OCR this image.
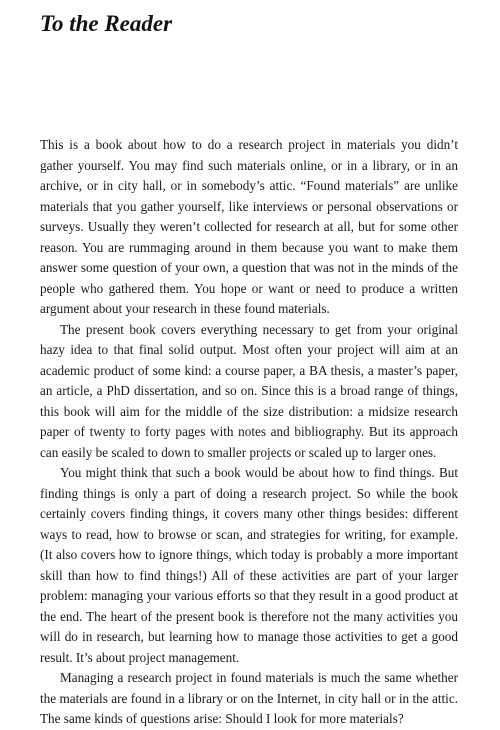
To the Reader

This is a book about how to do a research project in materials you didn’t gather yourself. You may find such materials online, or in a library, or in an archive, or in city hall, or in somebody’s attic. “Found materials” are unlike materials that you gather yourself, like interviews or personal observations or surveys. Usually they weren’t collected for research at all, but for some other reason. You are rummaging around in them because you want to make them answer some question of your own, a question that was not in the minds of the people who gathered them. You hope or want or need to produce a written argument about your research in these found materials.

The present book covers everything necessary to get from your original hazy idea to that final solid output. Most often your project will aim at an academic product of some kind: a course paper, a BA thesis, a master’s paper, an article, a PhD dissertation, and so on. Since this is a broad range of things, this book will aim for the middle of the size distribution: a midsize research paper of twenty to forty pages with notes and bibliography. But its approach can easily be scaled to down to smaller projects or scaled up to larger ones.

You might think that such a book would be about how to find things. But finding things is only a part of doing a research project. So while the book certainly covers finding things, it covers many other things besides: different ways to read, how to browse or scan, and strategies for writing, for example. (It also covers how to ignore things, which today is probably a more important skill than how to find things!) All of these activities are part of your larger problem: managing your various efforts so that they result in a good product at the end. The heart of the present book is therefore not the many activities you will do in research, but learning how to manage those activities to get a good result. It’s about project management.

Managing a research project in found materials is much the same whether the materials are found in a library or on the Internet, in city hall or in the attic. The same kinds of questions arise: Should I look for more materials?
